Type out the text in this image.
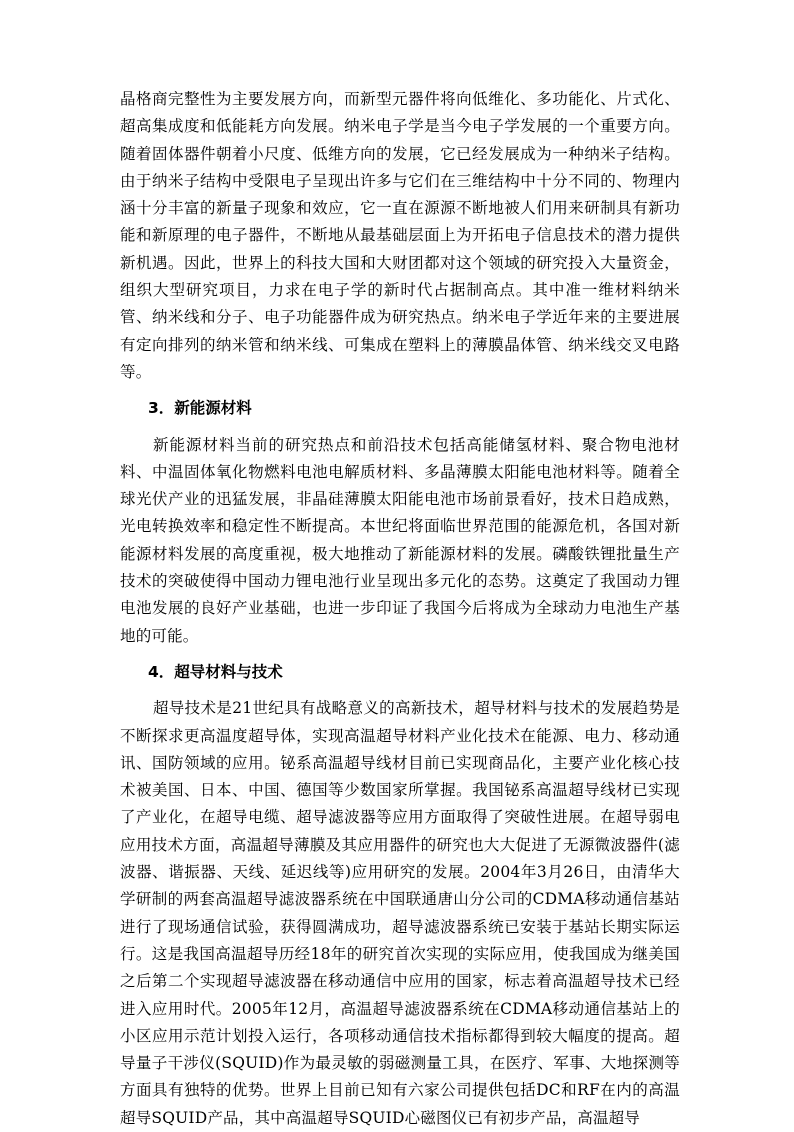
晶格商完整性为主要发展方向，而新型元器件将向低维化、多功能化、片式化、超高集成度和低能耗方向发展。纳米电子学是当今电子学发展的一个重要方向。随着固体器件朝着小尺度、低维方向的发展，它已经发展成为一种纳米子结构。由于纳米子结构中受限电子呈现出许多与它们在三维结构中十分不同的、物理内涵十分丰富的新量子现象和效应，它一直在源源不断地被人们用来研制具有新功能和新原理的电子器件，不断地从最基础层面上为开拓电子信息技术的潜力提供新机遇。因此，世界上的科技大国和大财团都对这个领域的研究投入大量资金，组织大型研究项目，力求在电子学的新时代占据制高点。其中准一维材料纳米管、纳米线和分子、电子功能器件成为研究热点。纳米电子学近年来的主要进展有定向排列的纳米管和纳米线、可集成在塑料上的薄膜晶体管、纳米线交叉电路等。

3．新能源材料

新能源材料当前的研究热点和前沿技术包括高能储氢材料、聚合物电池材料、中温固体氧化物燃料电池电解质材料、多晶薄膜太阳能电池材料等。随着全球光伏产业的迅猛发展，非晶硅薄膜太阳能电池市场前景看好，技术日趋成熟，光电转换效率和稳定性不断提高。本世纪将面临世界范围的能源危机，各国对新能源材料发展的高度重视，极大地推动了新能源材料的发展。磷酸铁锂批量生产技术的突破使得中国动力锂电池行业呈现出多元化的态势。这奠定了我国动力锂电池发展的良好产业基础，也进一步印证了我国今后将成为全球动力电池生产基地的可能。

4．超导材料与技术

超导技术是21世纪具有战略意义的高新技术，超导材料与技术的发展趋势是不断探求更高温度超导体，实现高温超导材料产业化技术在能源、电力、移动通讯、国防领域的应用。铋系高温超导线材目前已实现商品化，主要产业化核心技术被美国、日本、中国、德国等少数国家所掌握。我国铋系高温超导线材已实现了产业化，在超导电缆、超导滤波器等应用方面取得了突破性进展。在超导弱电应用技术方面，高温超导薄膜及其应用器件的研究也大大促进了无源微波器件(滤波器、谐振器、天线、延迟线等)应用研究的发展。2004年3月26日，由清华大学研制的两套高温超导滤波器系统在中国联通唐山分公司的CDMA移动通信基站进行了现场通信试验，获得圆满成功，超导滤波器系统已安装于基站长期实际运行。这是我国高温超导历经18年的研究首次实现的实际应用，使我国成为继美国之后第二个实现超导滤波器在移动通信中应用的国家，标志着高温超导技术已经进入应用时代。2005年12月，高温超导滤波器系统在CDMA移动通信基站上的小区应用示范计划投入运行，各项移动通信技术指标都得到较大幅度的提高。超导量子干涉仪(SQUID)作为最灵敏的弱磁测量工具，在医疗、军事、大地探测等方面具有独特的优势。世界上目前已知有六家公司提供包括DC和RF在内的高温超导SQUID产品，其中高温超导SQUID心磁图仪已有初步产品，高温超导
